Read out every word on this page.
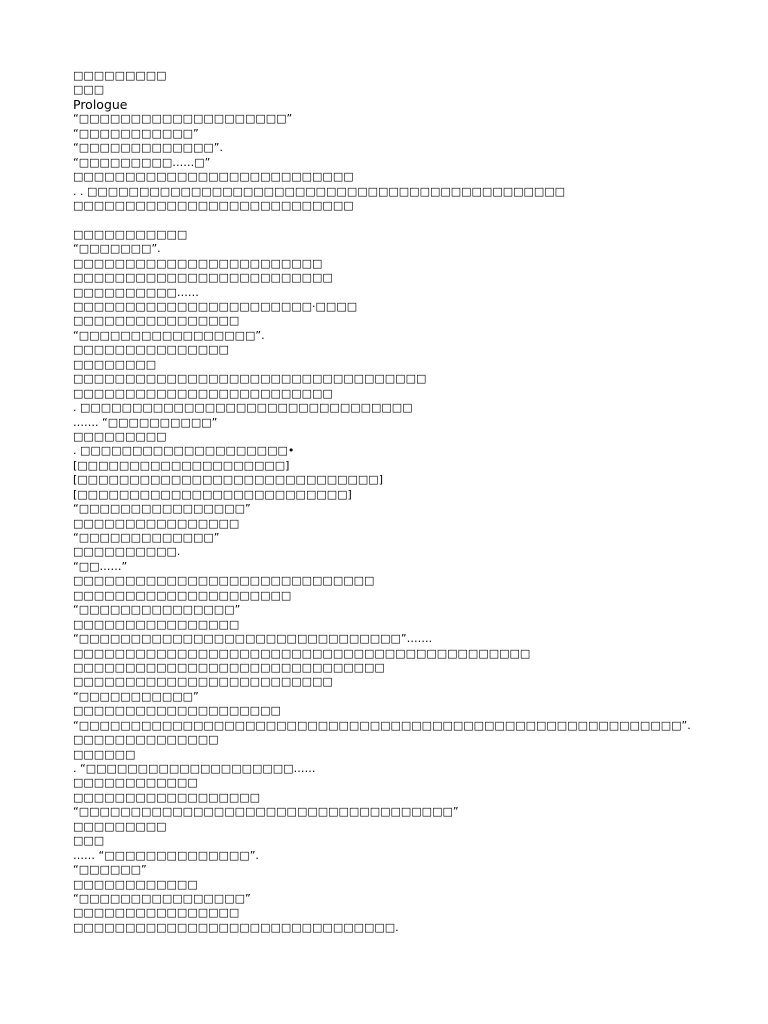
□□□□□□□□□
□□□
Prologue
“□□□□□□□□□□□□□□□□□□□□”
“□□□□□□□□□□□”
“□□□□□□□□□□□□□”.
“□□□□□□□□□……□”
□□□□□□□□□□□□□□□□□□□□□□□□□□□
. . □□□□□□□□□□□□□□□□□□□□□□□□□□□□□□□□□□□□□□□□□□□□□□
□□□□□□□□□□□□□□□□□□□□□□□□□□□
□□□□□□□□□□□
“□□□□□□□”.
□□□□□□□□□□□□□□□□□□□□□□□□
□□□□□□□□□□□□□□□□□□□□□□□□□
□□□□□□□□□□……
□□□□□□□□□□□□□□□□□□□□□□□·□□□□
□□□□□□□□□□□□□□□□
“□□□□□□□□□□□□□□□□□”.
□□□□□□□□□□□□□□□
□□□□□□□□
□□□□□□□□□□□□□□□□□□□□□□□□□□□□□□□□□□
□□□□□□□□□□□□□□□□□□□□□□□□□
. □□□□□□□□□□□□□□□□□□□□□□□□□□□□□□□□
……. “□□□□□□□□□□”
□□□□□□□□□
. □□□□□□□□□□□□□□□□□□□□•
[□□□□□□□□□□□□□□□□□□□□]
[□□□□□□□□□□□□□□□□□□□□□□□□□□□□□]
[□□□□□□□□□□□□□□□□□□□□□□□□□□]
“□□□□□□□□□□□□□□□□”
□□□□□□□□□□□□□□□□
“□□□□□□□□□□□□□”
□□□□□□□□□□.
“□□……”
□□□□□□□□□□□□□□□□□□□□□□□□□□□□□
□□□□□□□□□□□□□□□□□□□□□
“□□□□□□□□□□□□□□□”
□□□□□□□□□□□□□□□□
“□□□□□□□□□□□□□□□□□□□□□□□□□□□□□□□”…….
□□□□□□□□□□□□□□□□□□□□□□□□□□□□□□□□□□□□□□□□□□□□
□□□□□□□□□□□□□□□□□□□□□□□□□□□□□□
□□□□□□□□□□□□□□□□□□□□□□□□□
“□□□□□□□□□□□”
□□□□□□□□□□□□□□□□□□□□
“□□□□□□□□□□□□□□□□□□□□□□□□□□□□□□□□□□□□□□□□□□□□□□□□□□□□□□□□□□”.
□□□□□□□□□□□□□□
□□□□□□
. “□□□□□□□□□□□□□□□□□□□□……
□□□□□□□□□□□□
□□□□□□□□□□□□□□□□□□
“□□□□□□□□□□□□□□□□□□□□□□□□□□□□□□□□□□□□”
□□□□□□□□□
□□□
…… “□□□□□□□□□□□□□□”.
“□□□□□□”
□□□□□□□□□□□□
“□□□□□□□□□□□□□□□□”
□□□□□□□□□□□□□□□□
□□□□□□□□□□□□□□□□□□□□□□□□□□□□□□□.
